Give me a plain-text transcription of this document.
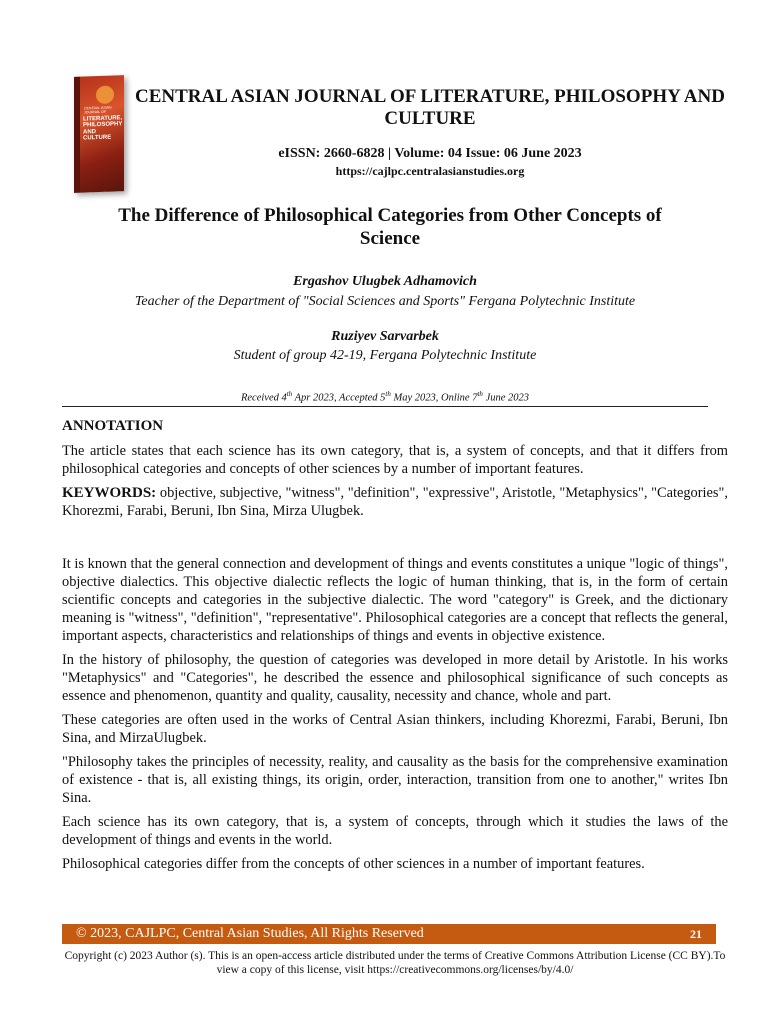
CENTRAL ASIAN JOURNAL OF
LITERATURE, PHILOSOPHY AND CULTURE
CENTRAL ASIAN JOURNAL OF LITERATURE, PHILOSOPHY AND CULTURE
eISSN: 2660-6828 | Volume: 04 Issue: 06 June 2023
https://cajlpc.centralasianstudies.org
The Difference of Philosophical Categories from Other Concepts of Science
Ergashov Ulugbek Adhamovich
Teacher of the Department of "Social Sciences and Sports" Fergana Polytechnic Institute
Ruziyev Sarvarbek
Student of group 42-19, Fergana Polytechnic Institute
Received 4th Apr 2023, Accepted 5th May 2023, Online 7th June 2023
ANNOTATION
The article states that each science has its own category, that is, a system of concepts, and that it differs from philosophical categories and concepts of other sciences by a number of important features.
KEYWORDS: objective, subjective, "witness", "definition", "expressive", Aristotle, "Metaphysics", "Categories", Khorezmi, Farabi, Beruni, Ibn Sina, Mirza Ulugbek.
It is known that the general connection and development of things and events constitutes a unique "logic of things", objective dialectics. This objective dialectic reflects the logic of human thinking, that is, in the form of certain scientific concepts and categories in the subjective dialectic. The word "category" is Greek, and the dictionary meaning is "witness", "definition", "representative". Philosophical categories are a concept that reflects the general, important aspects, characteristics and relationships of things and events in objective existence.
In the history of philosophy, the question of categories was developed in more detail by Aristotle. In his works "Metaphysics" and "Categories", he described the essence and philosophical significance of such concepts as essence and phenomenon, quantity and quality, causality, necessity and chance, whole and part.
These categories are often used in the works of Central Asian thinkers, including Khorezmi, Farabi, Beruni, Ibn Sina, and MirzaUlugbek.
"Philosophy takes the principles of necessity, reality, and causality as the basis for the comprehensive examination of existence - that is, all existing things, its origin, order, interaction, transition from one to another," writes Ibn Sina.
Each science has its own category, that is, a system of concepts, through which it studies the laws of the development of things and events in the world.
Philosophical categories differ from the concepts of other sciences in a number of important features.
© 2023, CAJLPC, Central Asian Studies, All Rights Reserved	21
Copyright (c) 2023 Author (s). This is an open-access article distributed under the terms of Creative Commons Attribution License (CC BY).To view a copy of this license, visit https://creativecommons.org/licenses/by/4.0/
